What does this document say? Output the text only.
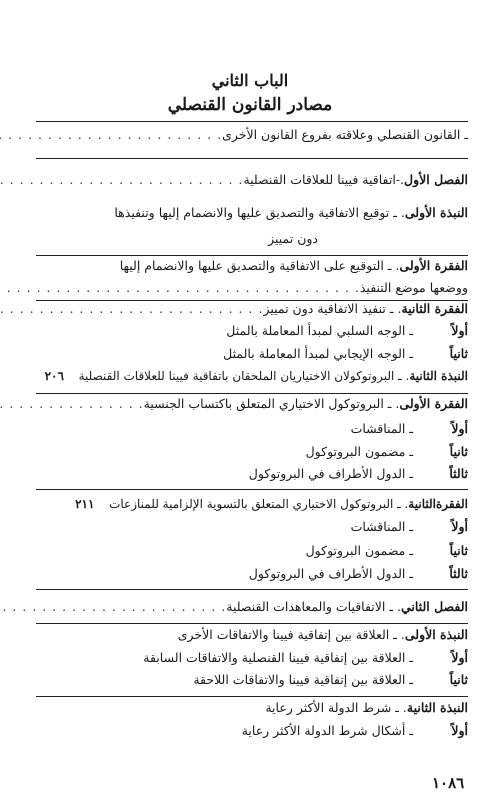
الباب الثاني
مصادر القانون القنصلي
ـ القانون القنصلي وعلاقته بفروع القانون الأخرى
. . .
الفصل الأول
.-اتفاقية فيينا للعلاقات القنصلية
. . .
النبذة الأولى
. ـ توقيع الاتفاقية والتصديق عليها والانضمام إليها وتنفيذها
دون تمييز
الفقرة الأولى
. ـ التوقيع على الاتفاقية والتصديق عليها والانضمام إليها
ووضعها موضع التنفيذ
. . .
الفقرة الثانية
. ـ تنفيذ الاتفاقية دون تمييز
. . .
أولاً
ـ الوجه السلبي لمبدأ المعاملة بالمثل
ثانياً
ـ الوجه الإيجابي لمبدأ المعاملة بالمثل
النبذة الثانية
. ـ البروتوكولان الاختياريان الملحقان باتفاقية فيينا للعلاقات القنصلية
٢٠٦
الفقرة الأولى
. ـ البروتوكول الاختياري المتعلق باكتساب الجنسية
. . .
أولاً
ـ المناقشات
ثانياً
ـ مضمون البروتوكول
ثالثاً
ـ الدول الأطراف في البروتوكول
الفقرةالثانية
. ـ البروتوكول الاختياري المتعلق بالتسوية الإلزامية للمنازعات
٢١١
أولاً
ـ المناقشات
ثانياً
ـ مضمون البروتوكول
ثالثاً
ـ الدول الأطراف في البروتوكول
الفصل الثاني
. ـ الاتفاقيات والمعاهدات القنصلية
. . .
النبذة الأولى
. ـ العلاقة بين إتفاقية فيينا والاتفاقات الأخرى
أولاً
ـ العلاقة بين إتفاقية فيينا القنصلية والاتفاقات السابقة
ثانياً
ـ العلاقة بين إتفاقية فيينا والاتفاقات اللاحقة
النبذة الثانية
. ـ شرط الدولة الأكثر رعاية
أولاً
ـ أشكال شرط الدولة الأكثر رعاية
١٠٨٦
